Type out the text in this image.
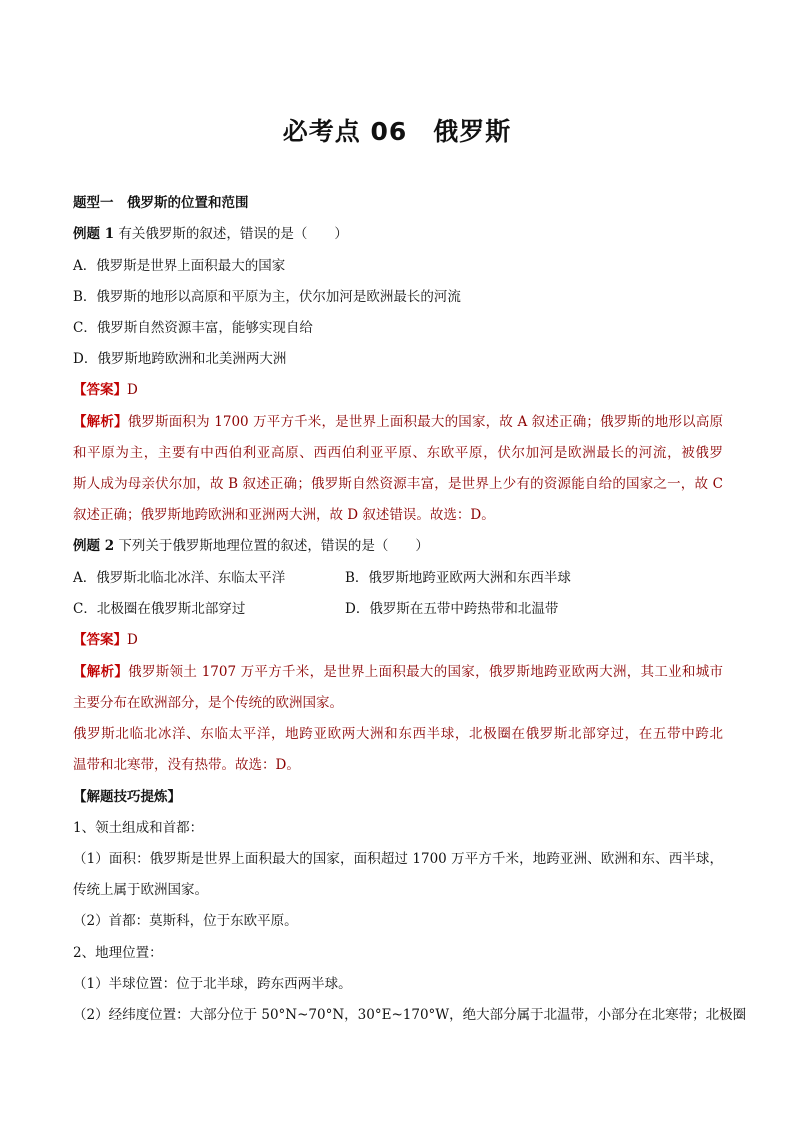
必考点 06　俄罗斯
题型一　俄罗斯的位置和范围
例题 1 有关俄罗斯的叙述，错误的是（　　）
A．俄罗斯是世界上面积最大的国家
B．俄罗斯的地形以高原和平原为主，伏尔加河是欧洲最长的河流
C．俄罗斯自然资源丰富，能够实现自给
D．俄罗斯地跨欧洲和北美洲两大洲
【答案】D
【解析】俄罗斯面积为 1700 万平方千米，是世界上面积最大的国家，故 A 叙述正确；俄罗斯的地形以高原
和平原为主，主要有中西伯利亚高原、西西伯利亚平原、东欧平原，伏尔加河是欧洲最长的河流，被俄罗
斯人成为母亲伏尔加，故 B 叙述正确；俄罗斯自然资源丰富，是世界上少有的资源能自给的国家之一，故 C
叙述正确；俄罗斯地跨欧洲和亚洲两大洲，故 D 叙述错误。故选：D。
例题 2 下列关于俄罗斯地理位置的叙述，错误的是（　　）
A．俄罗斯北临北冰洋、东临太平洋	B．俄罗斯地跨亚欧两大洲和东西半球
C．北极圈在俄罗斯北部穿过	D．俄罗斯在五带中跨热带和北温带
【答案】D
【解析】俄罗斯领土 1707 万平方千米，是世界上面积最大的国家，俄罗斯地跨亚欧两大洲，其工业和城市
主要分布在欧洲部分，是个传统的欧洲国家。
俄罗斯北临北冰洋、东临太平洋，地跨亚欧两大洲和东西半球，北极圈在俄罗斯北部穿过，在五带中跨北
温带和北寒带，没有热带。故选：D。
【解题技巧提炼】
1、领土组成和首都：
（1）面积：俄罗斯是世界上面积最大的国家，面积超过 1700 万平方千米，地跨亚洲、欧洲和东、西半球，
传统上属于欧洲国家。
（2）首都：莫斯科，位于东欧平原。
2、地理位置：
（1）半球位置：位于北半球，跨东西两半球。
（2）经纬度位置：大部分位于 50°N~70°N，30°E~170°W，绝大部分属于北温带，小部分在北寒带；北极圈
